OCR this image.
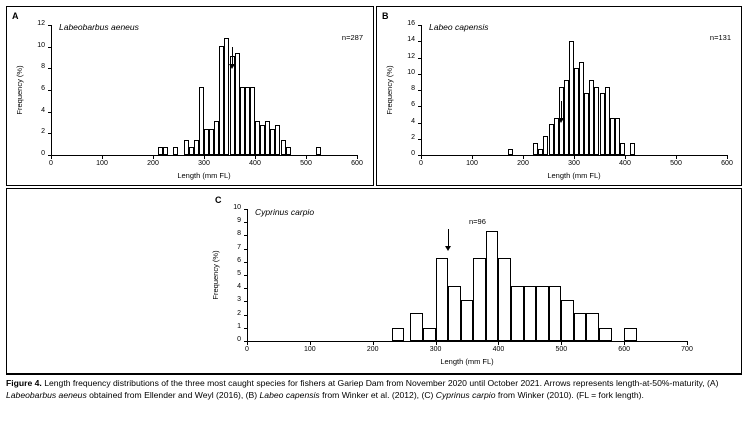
A
Labeobarbus aeneus
n=287
0	100	200	300	400	500	600
0
2
4
6
8
10
12
Length (mm FL)
Frequency (%)
B
Labeo capensis
n=131
0	100	200	300	400	500	600
0
2
4
6
8
10
12
14
16
Length (mm FL)
Frequency (%)
C
Cyprinus carpio
n=96
0	100	200	300	400	500	600	700
0
1
2
3
4
5
6
7
8
9
10
Length (mm FL)
Frequency (%)
Figure 4. Length frequency distributions of the three most caught species for fishers at Gariep Dam from November 2020 until October 2021. Arrows represents length-at-50%-maturity, (A) Labeobarbus aeneus obtained from Ellender and Weyl (2016), (B) Labeo capensis from Winker et al. (2012), (C) Cyprinus carpio from Winker (2010). (FL = fork length).
